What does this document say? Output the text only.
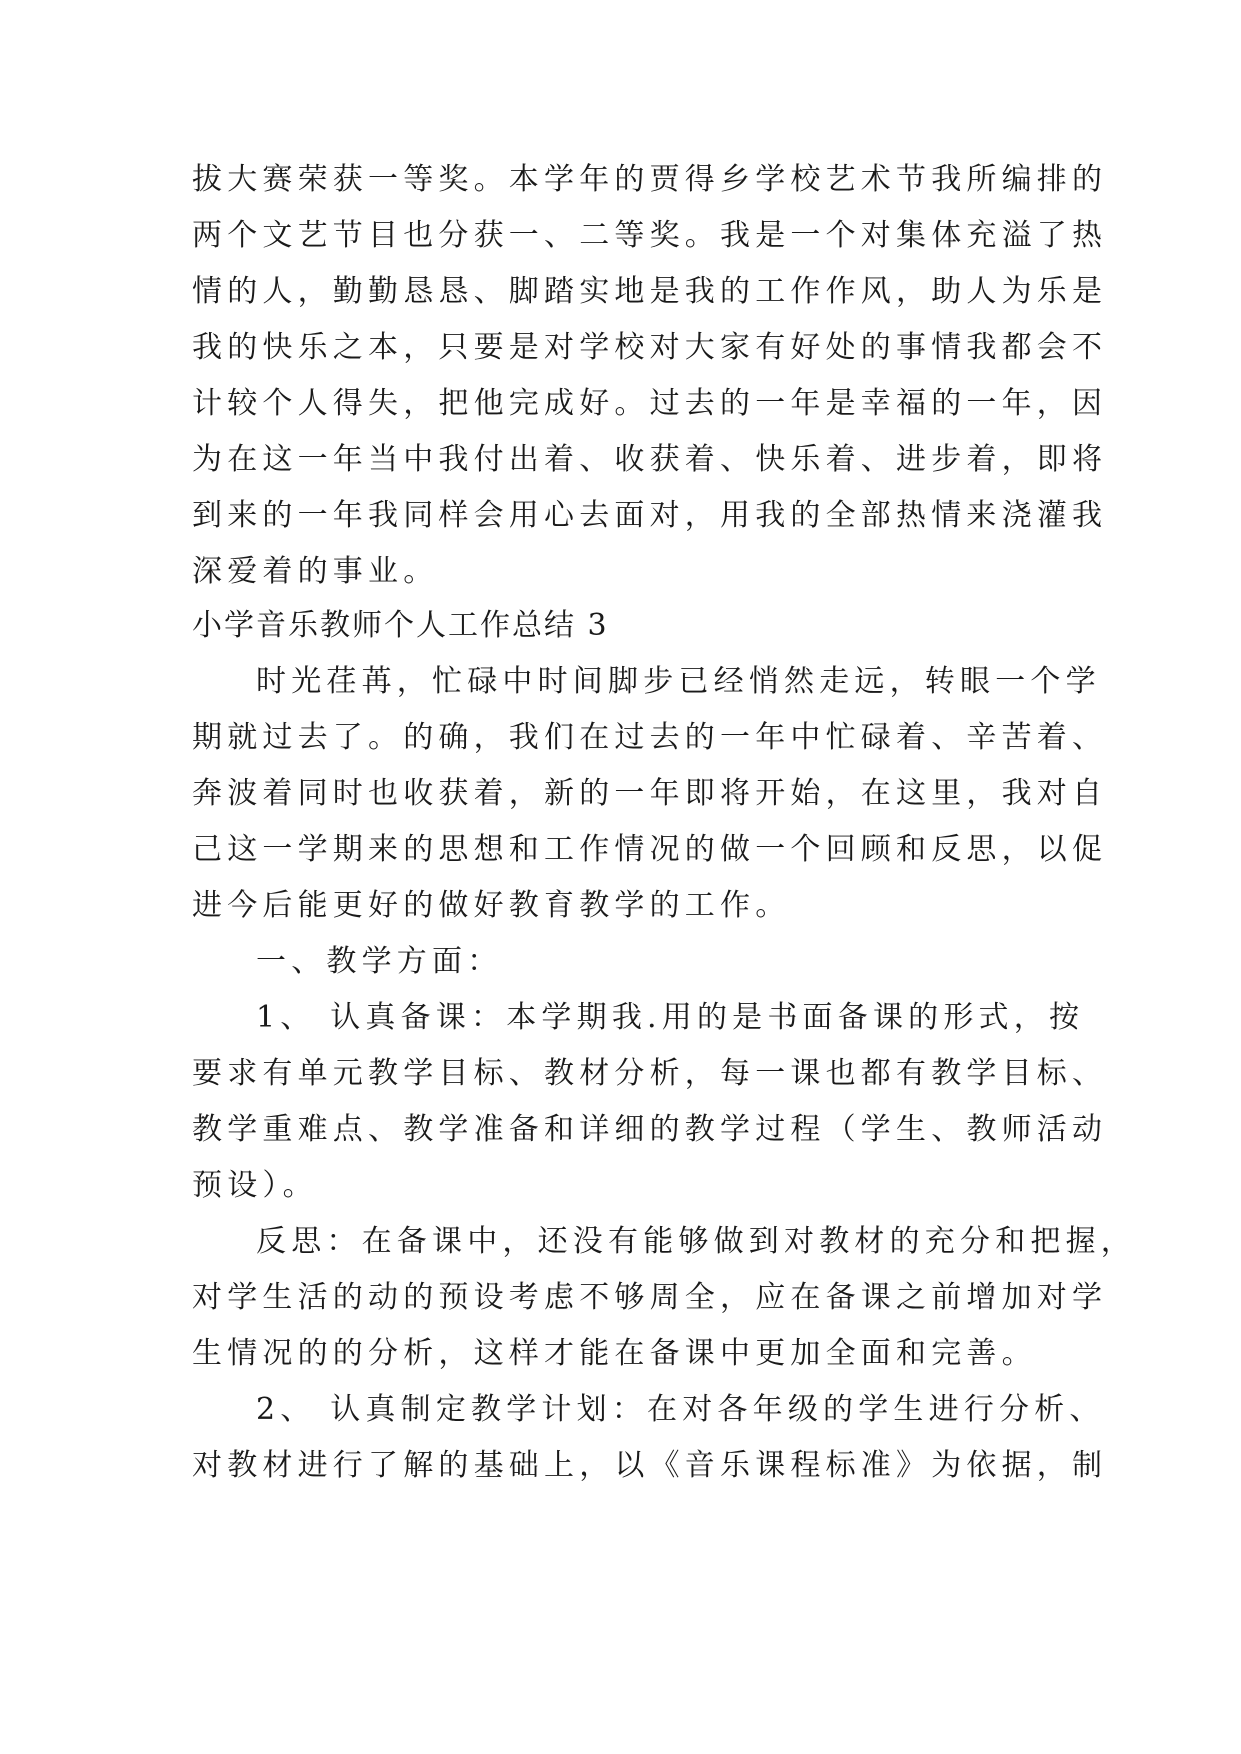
拔大赛荣获一等奖。本学年的贾得乡学校艺术节我所编排的
两个文艺节目也分获一、二等奖。我是一个对集体充溢了热
情的人，勤勤恳恳、脚踏实地是我的工作作风，助人为乐是
我的快乐之本，只要是对学校对大家有好处的事情我都会不
计较个人得失，把他完成好。过去的一年是幸福的一年，因
为在这一年当中我付出着、收获着、快乐着、进步着，即将
到来的一年我同样会用心去面对，用我的全部热情来浇灌我
深爱着的事业。
小学音乐教师个人工作总结 3
时光荏苒，忙碌中时间脚步已经悄然走远，转眼一个学
期就过去了。的确，我们在过去的一年中忙碌着、辛苦着、
奔波着同时也收获着，新的一年即将开始，在这里，我对自
己这一学期来的思想和工作情况的做一个回顾和反思，以促
进今后能更好的做好教育教学的工作。
一、教学方面：
1、 认真备课：本学期我.用的是书面备课的形式，按
要求有单元教学目标、教材分析，每一课也都有教学目标、
教学重难点、教学准备和详细的教学过程（学生、教师活动
预设）。
反思：在备课中，还没有能够做到对教材的充分和把握，
对学生活的动的预设考虑不够周全，应在备课之前增加对学
生情况的的分析，这样才能在备课中更加全面和完善。
2、 认真制定教学计划：在对各年级的学生进行分析、
对教材进行了解的基础上，以《音乐课程标准》为依据，制
